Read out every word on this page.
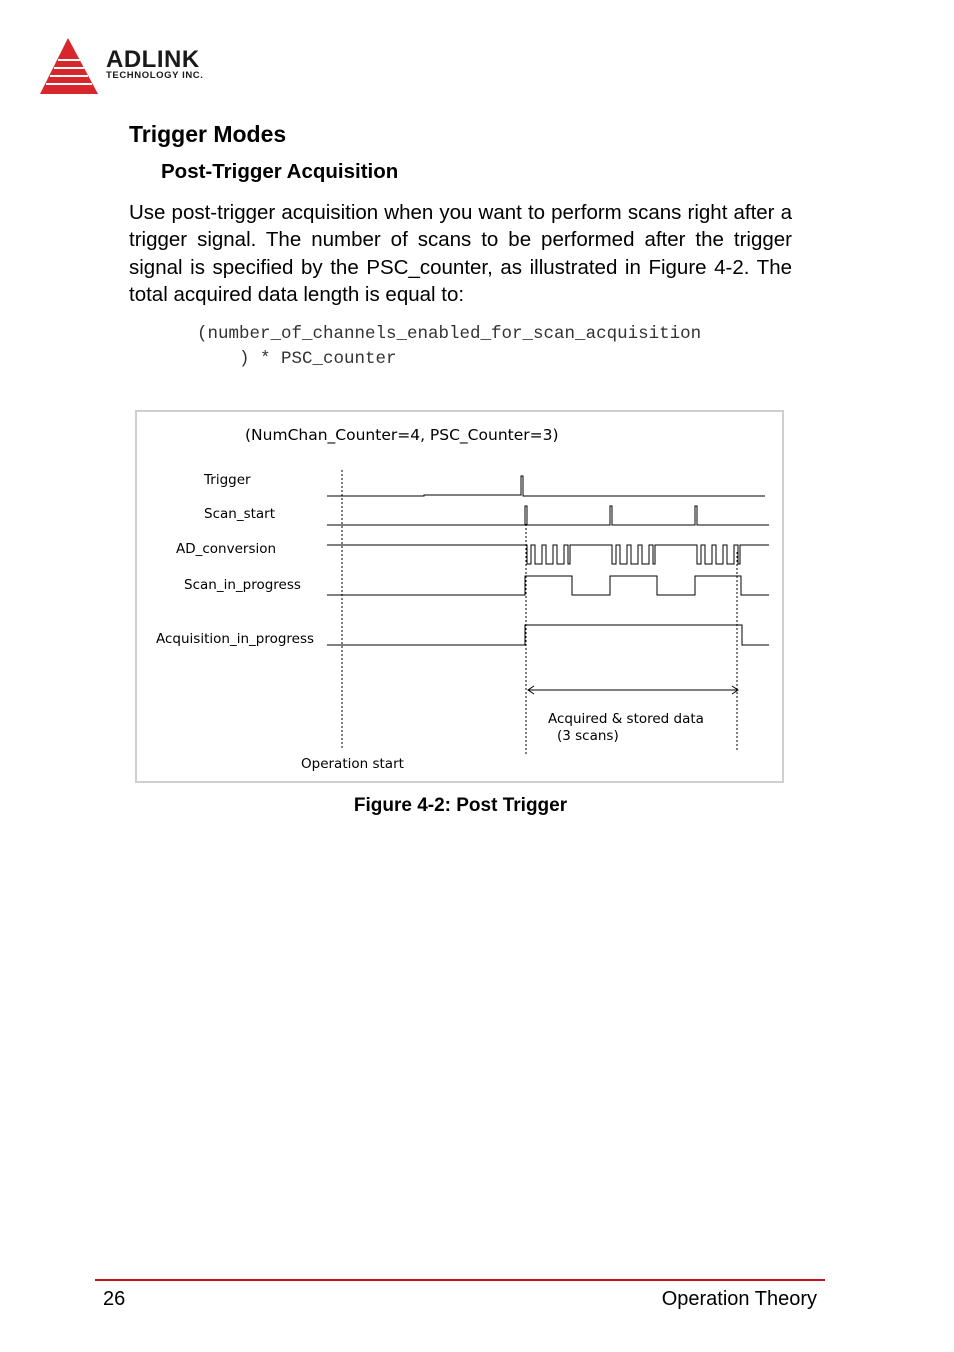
ADLINK
TECHNOLOGY INC.
Trigger Modes
Post-Trigger Acquisition

Use post-trigger acquisition when you want to perform scans right after a trigger signal. The number of scans to be performed after the trigger signal is specified by the PSC_counter, as illustrated in Figure 4-2. The total acquired data length is equal to:

(number_of_channels_enabled_for_scan_acquisition
) * PSC_counter
(NumChan_Counter=4, PSC_Counter=3)
Trigger
Scan_start
AD_conversion
Scan_in_progress
Acquisition_in_progress
Acquired & stored data
(3 scans)
Operation start
Figure 4-2: Post Trigger
26	Operation Theory
